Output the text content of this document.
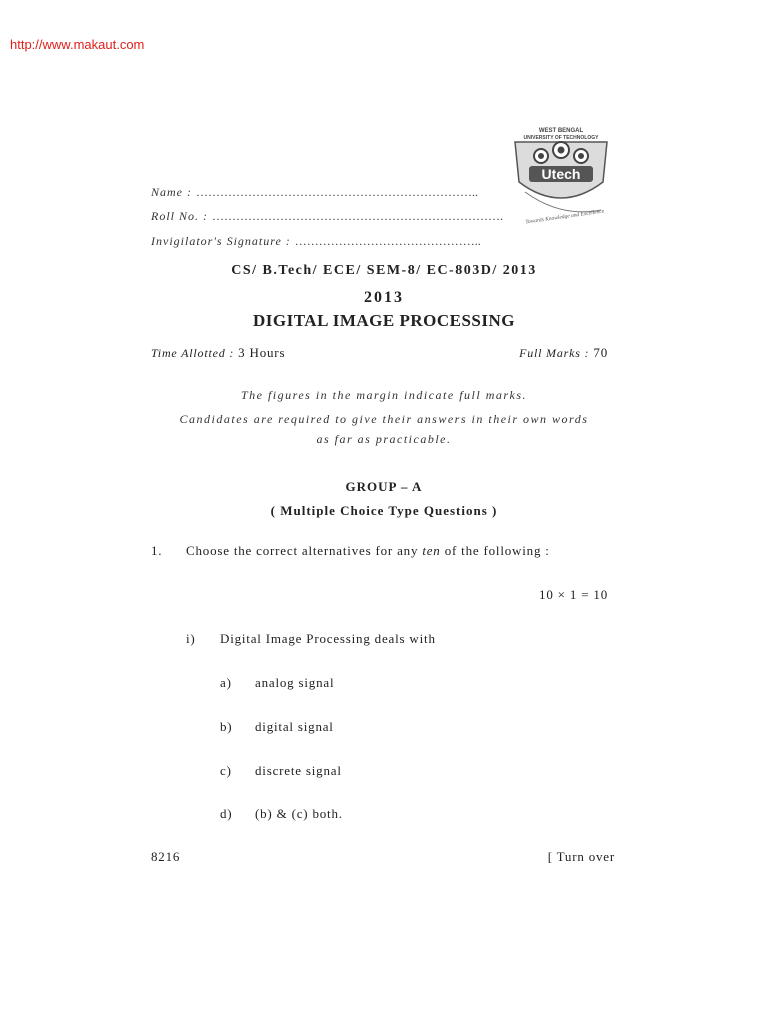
http://www.makaut.com
WEST BENGAL
UNIVERSITY OF TECHNOLOGY
Utech
Towards Knowledge and Excellence
Name : ……………………………………………………………..
Roll No. : ……………………………………………………………….
Invigilator's Signature : ………………………………………..
CS/ B.Tech/ ECE/ SEM-8/ EC-803D/ 2013
2013
DIGITAL IMAGE PROCESSING
Time Allotted : 3 Hours	Full Marks : 70
The figures in the margin indicate full marks.
Candidates are required to give their answers in their own words
as far as practicable.
GROUP – A
( Multiple Choice Type Questions )
1. Choose the correct alternatives for any ten of the following :
10 × 1 = 10
i) Digital Image Processing deals with
a) analog signal
b) digital signal
c) discrete signal
d) (b) & (c) both.
8216	[ Turn over
